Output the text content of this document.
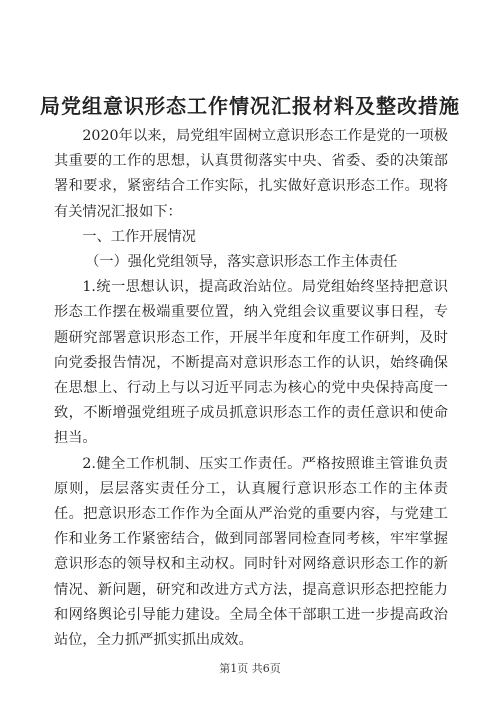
局党组意识形态工作情况汇报材料及整改措施

2020年以来，局党组牢固树立意识形态工作是党的一项极其重要的工作的思想，认真贯彻落实中央、省委、委的决策部署和要求，紧密结合工作实际，扎实做好意识形态工作。现将有关情况汇报如下：

一、工作开展情况

（一）强化党组领导，落实意识形态工作主体责任

1.统一思想认识，提高政治站位。局党组始终坚持把意识形态工作摆在极端重要位置，纳入党组会议重要议事日程，专题研究部署意识形态工作，开展半年度和年度工作研判，及时向党委报告情况，不断提高对意识形态工作的认识，始终确保在思想上、行动上与以习近平同志为核心的党中央保持高度一致，不断增强党组班子成员抓意识形态工作的责任意识和使命担当。

2.健全工作机制、压实工作责任。严格按照谁主管谁负责原则，层层落实责任分工，认真履行意识形态工作的主体责任。把意识形态工作作为全面从严治党的重要内容，与党建工作和业务工作紧密结合，做到同部署同检查同考核，牢牢掌握意识形态的领导权和主动权。同时针对网络意识形态工作的新情况、新问题，研究和改进方式方法，提高意识形态把控能力和网络舆论引导能力建设。全局全体干部职工进一步提高政治站位，全力抓严抓实抓出成效。

第1页 共6页
